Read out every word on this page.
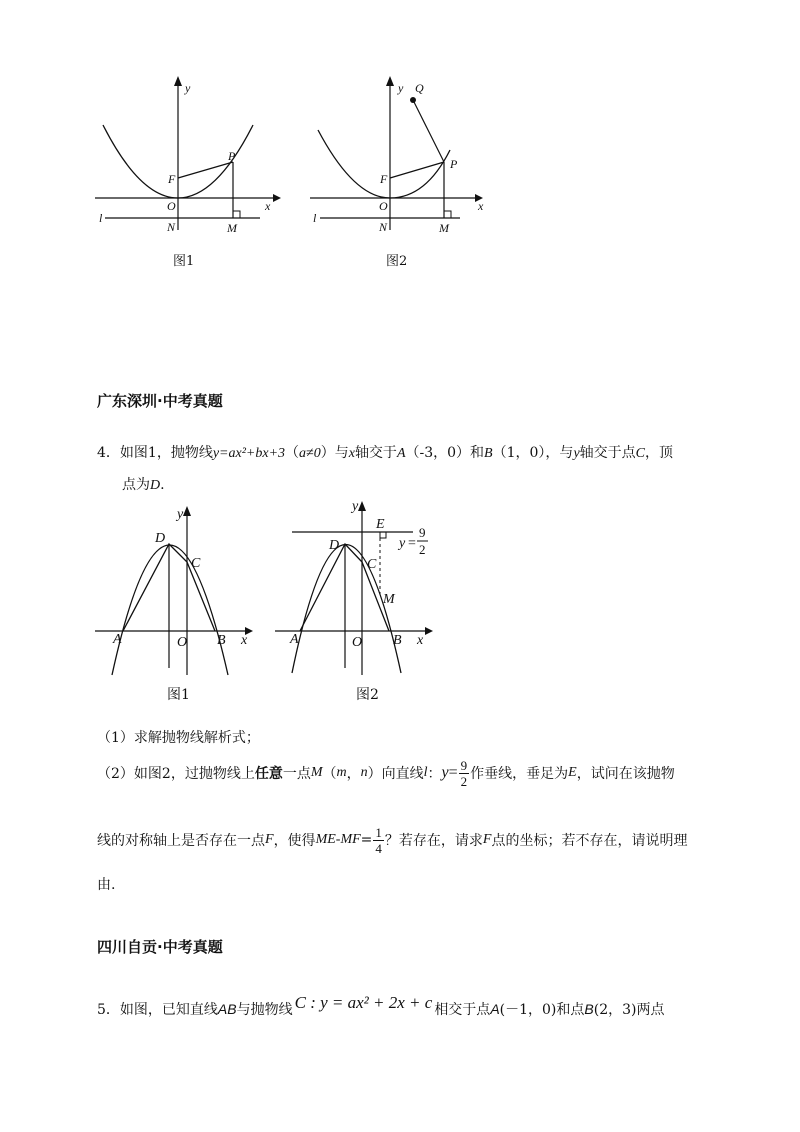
y
x
P
F
O
l
N	M
图1
y Q
x
P
F
O
l
N	M
图2
广东深圳·中考真题
4．如图1，抛物线y=ax²+bx+3（a≠0）与x轴交于A（-3，0）和B（1，0），与y轴交于点C，顶
点为D.
y
D
C
A	O B x
图1
y
E
y =
9
2
D
C
M
A	O B x
图2
（1）求解抛物线解析式；
（2）如图2，过抛物线上 任意 一点 M （ m ， n ）向直线 l ： $y = \frac{9}{2}$ 作垂线，垂足为 E ，试问在该抛物
线的对称轴上是否存在一点 F ，使得 $ME-MF = \frac{1}{4}$ ？若存在，请求 F 点的坐标；若不存在，请说明理
由.
四川自贡·中考真题
5． 如图，已知直线 AB 与抛物线 C : y = ax² + 2x + c 相交于点 A (－1，0)和点 B (2，3)两点
